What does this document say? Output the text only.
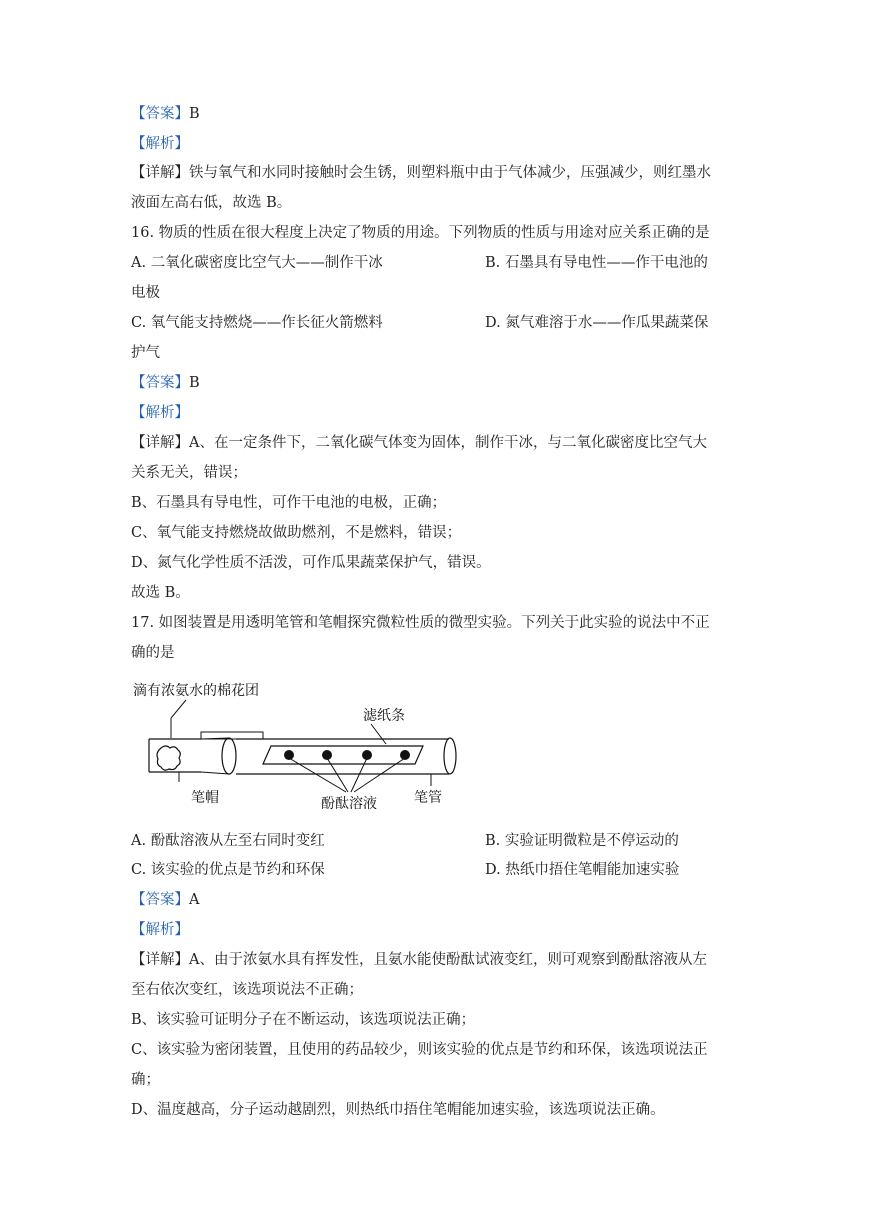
【答案】B
【解析】
【详解】铁与氧气和水同时接触时会生锈，则塑料瓶中由于气体减少，压强减少，则红墨水
液面左高右低，故选 B。
16. 物质的性质在很大程度上决定了物质的用途。下列物质的性质与用途对应关系正确的是
A. 二氧化碳密度比空气大——制作干冰	B. 石墨具有导电性——作干电池的
电极
C. 氧气能支持燃烧——作长征火箭燃料	D. 氮气难溶于水——作瓜果蔬菜保
护气
【答案】B
【解析】
【详解】A、在一定条件下，二氧化碳气体变为固体，制作干冰，与二氧化碳密度比空气大
关系无关，错误；
B、石墨具有导电性，可作干电池的电极，正确；
C、氧气能支持燃烧故做助燃剂，不是燃料，错误；
D、氮气化学性质不活泼，可作瓜果蔬菜保护气，错误。
故选 B。
17. 如图装置是用透明笔管和笔帽探究微粒性质的微型实验。下列关于此实验的说法中不正
确的是
滴有浓氨水的棉花团
滤纸条
笔帽	酚酞溶液	笔管
A. 酚酞溶液从左至右同时变红	B. 实验证明微粒是不停运动的
C. 该实验的优点是节约和环保	D. 热纸巾捂住笔帽能加速实验
【答案】A
【解析】
【详解】A、由于浓氨水具有挥发性，且氨水能使酚酞试液变红，则可观察到酚酞溶液从左
至右依次变红，该选项说法不正确；
B、该实验可证明分子在不断运动，该选项说法正确；
C、该实验为密闭装置，且使用的药品较少，则该实验的优点是节约和环保，该选项说法正
确；
D、温度越高，分子运动越剧烈，则热纸巾捂住笔帽能加速实验，该选项说法正确。
